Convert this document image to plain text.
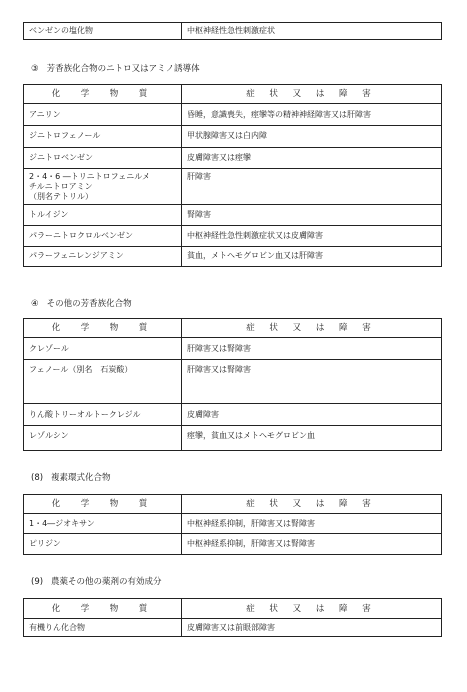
ベンゼンの塩化物	中枢神経性急性刺激症状
③ 芳香族化合物のニトロ又はアミノ誘導体
化　学　物　質	症 状 又 は 障 害
アニリン	昏睡，意識喪失，痙攣等の精神神経障害又は肝障害
ジニトロフェノール	甲状腺障害又は白内障
ジニトロベンゼン	皮膚障害又は痙攣
2・4・6 ―トリニトロフェニルメ
チルニトロアミン
（別名テトリル）	肝障害
トルイジン	腎障害
パラーニトロクロルベンゼン	中枢神経性急性刺激症状又は皮膚障害
パラーフェニレンジアミン	貧血，メトヘモグロビン血又は肝障害
④ その他の芳香族化合物
化　学　物　質	症 状 又 は 障 害
クレゾール	肝障害又は腎障害
フェノール（別名　石炭酸）	肝障害又は腎障害
りん酸トリーオルトークレジル	皮膚障害
レゾルシン	痙攣，貧血又はメトヘモグロビン血
(8) 複素環式化合物
化　学　物　質	症 状 又 は 障 害
1・4―ジオキサン	中枢神経系抑制，肝障害又は腎障害
ピリジン	中枢神経系抑制，肝障害又は腎障害
(9) 農薬その他の薬剤の有効成分
化　学　物　質	症 状 又 は 障 害
有機りん化合物	皮膚障害又は前眼部障害
